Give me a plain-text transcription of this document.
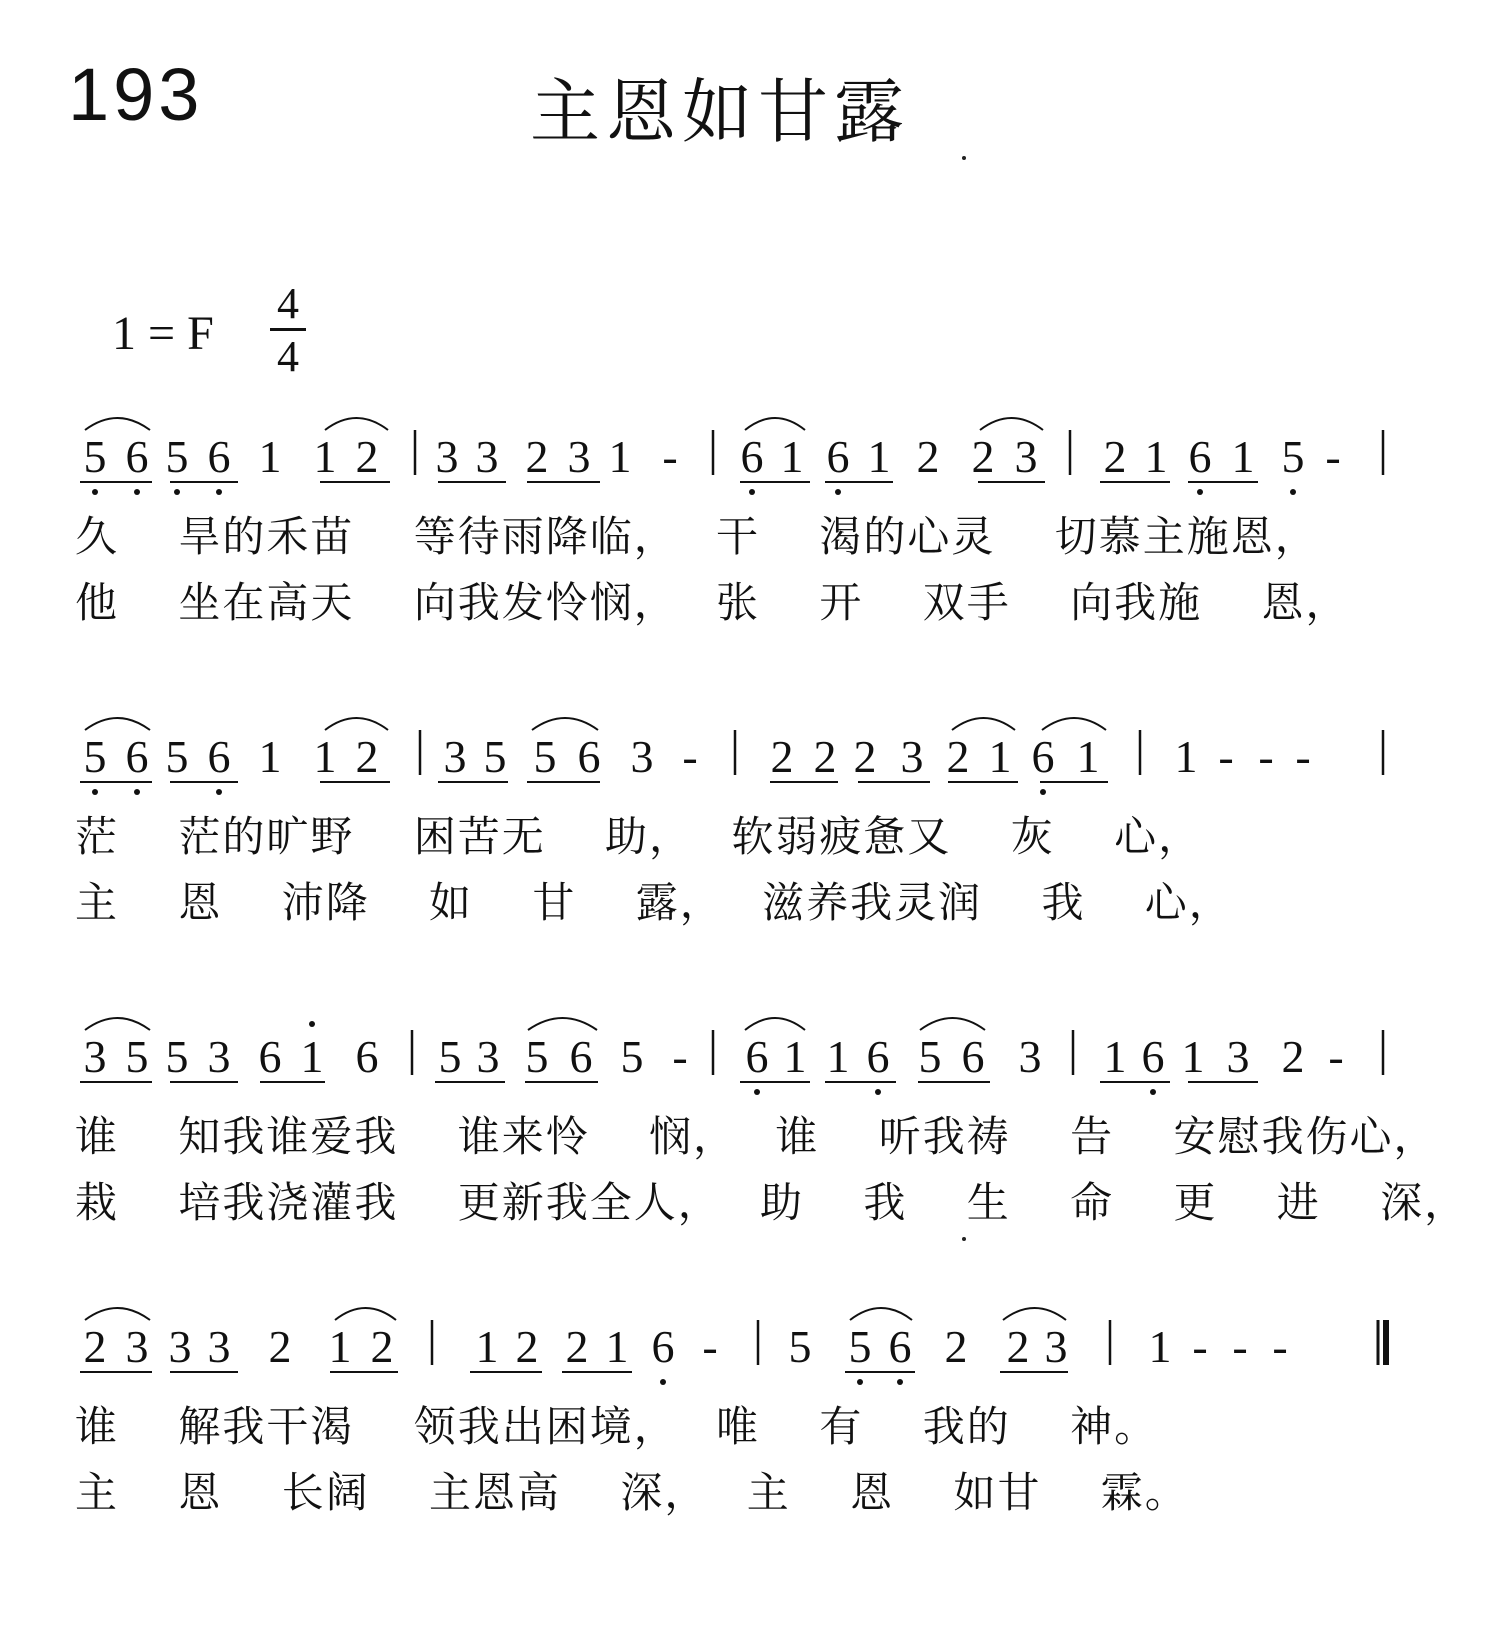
193	主恩如甘露
1 = F
4
4
5 6 5 6 1 1 2 3 3 2 3 1 - 6 1 6 1 2 2 3 2 1 6 1 5 -
久　 旱的禾苗　 等待雨降临，　 干　 渴的心灵　 切慕主施恩，
他　 坐在高天　 向我发怜悯，　 张　 开　 双手　 向我施　 恩，
5 6 5 6 1 1 2 3 5 5 6 3 - 2 2 2 3 2 1 6 1 1 - - -
茫　 茫的旷野　 困苦无　 助，　 软弱疲惫又　 灰　 心，
主　 恩　 沛降　 如　 甘　 露，　 滋养我灵润　 我　 心，
3 5 5 3 6 1 6 5 3 5 6 5 - 6 1 1 6 5 6 3 1 6 1 3 2 -
谁　 知我谁爱我　 谁来怜　 悯，　 谁　 听我祷　 告　 安慰我伤心，
栽　 培我浇灌我　 更新我全人，　 助　 我　 生　 命　 更　 进　 深，
2 3 3 3 2 1 2 1 2 2 1 6 - 5 5 6 2 2 3 1 - - -
谁　 解我干渴　 领我出困境，　 唯　 有　 我的　 神。
主　 恩　 长阔　 主恩高　 深，　 主　 恩　 如甘　 霖。
